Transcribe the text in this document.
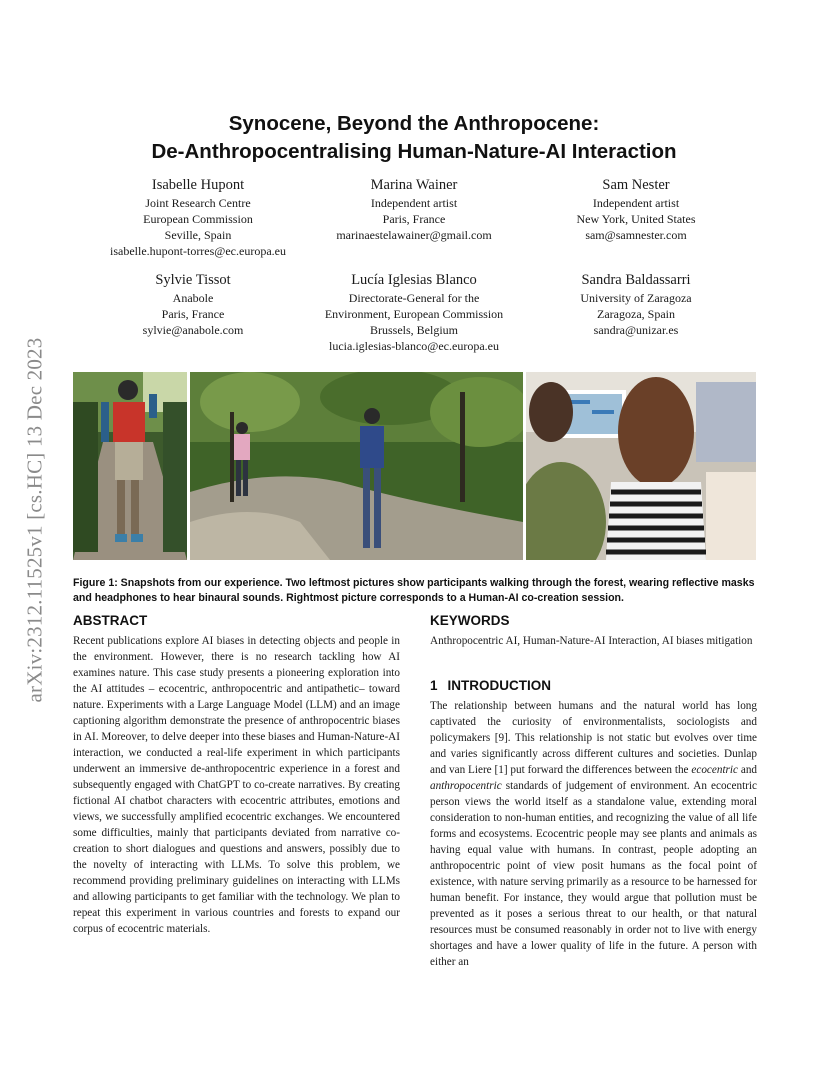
arXiv:2312.11525v1 [cs.HC] 13 Dec 2023
Synocene, Beyond the Anthropocene:
De-Anthropocentralising Human-Nature-AI Interaction
Isabelle Hupont
Joint Research Centre
European Commission
Seville, Spain
isabelle.hupont-torres@ec.europa.eu
Marina Wainer
Independent artist
Paris, France
marinaestelawainer@gmail.com
Sam Nester
Independent artist
New York, United States
sam@samnester.com
Sylvie Tissot
Anabole
Paris, France
sylvie@anabole.com
Lucía Iglesias Blanco
Directorate-General for the
Environment, European Commission
Brussels, Belgium
lucia.iglesias-blanco@ec.europa.eu
Sandra Baldassarri
University of Zaragoza
Zaragoza, Spain
sandra@unizar.es
Figure 1: Snapshots from our experience. Two leftmost pictures show participants walking through the forest, wearing reflective masks and headphones to hear binaural sounds. Rightmost picture corresponds to a Human-AI co-creation session.
ABSTRACT

Recent publications explore AI biases in detecting objects and people in the environment. However, there is no research tackling how AI examines nature. This case study presents a pioneering exploration into the AI attitudes – ecocentric, anthropocentric and antipathetic– toward nature. Experiments with a Large Language Model (LLM) and an image captioning algorithm demonstrate the presence of anthropocentric biases in AI. Moreover, to delve deeper into these biases and Human-Nature-AI interaction, we conducted a real-life experiment in which participants underwent an immersive de-anthropocentric experience in a forest and subsequently engaged with ChatGPT to co-create narratives. By creating fictional AI chatbot characters with ecocentric attributes, emotions and views, we successfully amplified ecocentric exchanges. We encountered some difficulties, mainly that participants deviated from narrative co-creation to short dialogues and questions and answers, possibly due to the novelty of interacting with LLMs. To solve this problem, we recommend providing preliminary guidelines on interacting with LLMs and allowing participants to get familiar with the technology. We plan to repeat this experiment in various countries and forests to expand our corpus of ecocentric materials.

KEYWORDS

Anthropocentric AI, Human-Nature-AI Interaction, AI biases mitigation

1 INTRODUCTION

The relationship between humans and the natural world has long captivated the curiosity of environmentalists, sociologists and policymakers [9]. This relationship is not static but evolves over time and varies significantly across different cultures and societies. Dunlap and van Liere [1] put forward the differences between the ecocentric and anthropocentric standards of judgement of environment. An ecocentric person views the world itself as a standalone value, extending moral consideration to non-human entities, and recognizing the value of all life forms and ecosystems. Ecocentric people may see plants and animals as having equal value with humans. In contrast, people adopting an anthropocentric point of view posit humans as the focal point of existence, with nature serving primarily as a resource to be harnessed for human benefit. For instance, they would argue that pollution must be prevented as it poses a serious threat to our health, or that natural resources must be consumed reasonably in order not to live with energy shortages and have a lower quality of life in the future. A person with either an
